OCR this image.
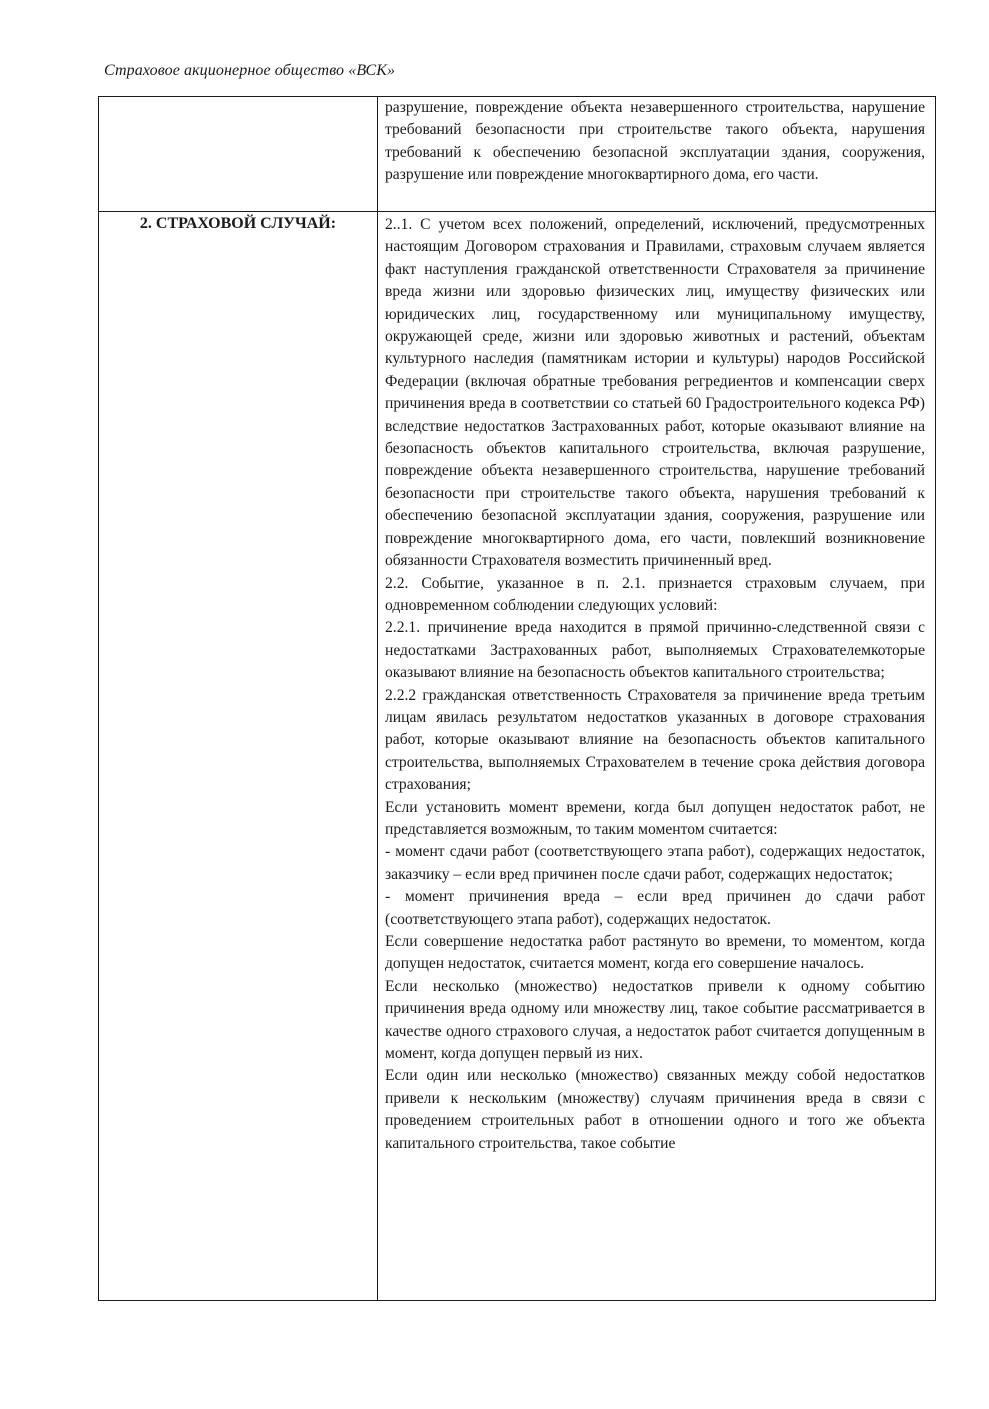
Страховое акционерное общество «ВСК»

разрушение, повреждение объекта незавершенного строительства, нарушение требований безопасности при строительстве такого объекта, нарушения требований к обеспечению безопасной эксплуатации здания, сооружения, разрушение или повреждение многоквартирного дома, его части.

2. СТРАХОВОЙ СЛУЧАЙ:	2..1. С учетом всех положений, определений, исключений, предусмотренных настоящим Договором страхования и Правилами, страховым случаем является факт наступления гражданской ответственности Страхователя за причинение вреда жизни или здоровью физических лиц, имуществу физических или юридических лиц, государственному или муниципальному имуществу, окружающей среде, жизни или здоровью животных и растений, объектам культурного наследия (памятникам истории и культуры) народов Российской Федерации (включая обратные требования регредиентов и компенсации сверх причинения вреда в соответствии со статьей 60 Градостроительного кодекса РФ) вследствие недостатков Застрахованных работ, которые оказывают влияние на безопасность объектов капитального строительства, включая разрушение, повреждение объекта незавершенного строительства, нарушение требований безопасности при строительстве такого объекта, нарушения требований к обеспечению безопасной эксплуатации здания, сооружения, разрушение или повреждение многоквартирного дома, его части, повлекший возникновение обязанности Страхователя возместить причиненный вред.

2.2. Событие, указанное в п. 2.1. признается страховым случаем, при одновременном соблюдении следующих условий:

2.2.1. причинение вреда находится в прямой причинно-следственной связи с недостатками Застрахованных работ, выполняемых Страхователемкоторые оказывают влияние на безопасность объектов капитального строительства;

2.2.2 гражданская ответственность Страхователя за причинение вреда третьим лицам явилась результатом недостатков указанных в договоре страхования работ, которые оказывают влияние на безопасность объектов капитального строительства, выполняемых Страхователем в течение срока действия договора страхования;

Если установить момент времени, когда был допущен недостаток работ, не представляется возможным, то таким моментом считается:

- момент сдачи работ (соответствующего этапа работ), содержащих недостаток, заказчику – если вред причинен после сдачи работ, содержащих недостаток;

- момент причинения вреда – если вред причинен до сдачи работ (соответствующего этапа работ), содержащих недостаток.

Если совершение недостатка работ растянуто во времени, то моментом, когда допущен недостаток, считается момент, когда его совершение началось.

Если несколько (множество) недостатков привели к одному событию причинения вреда одному или множеству лиц, такое событие рассматривается в качестве одного страхового случая, а недостаток работ считается допущенным в момент, когда допущен первый из них.

Если один или несколько (множество) связанных между собой недостатков привели к нескольким (множеству) случаям причинения вреда в связи с проведением строительных работ в отношении одного и того же объекта капитального строительства, такое событие
